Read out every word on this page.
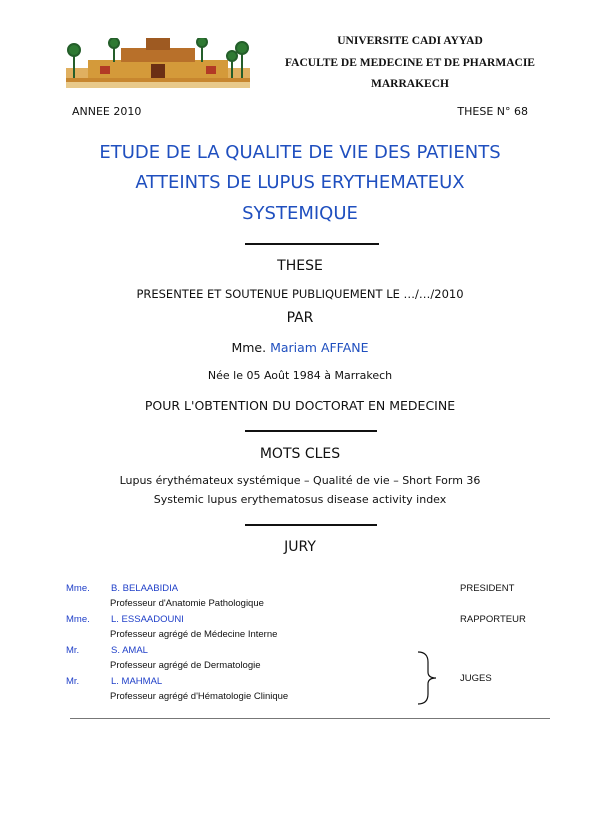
UNIVERSITE CADI AYYAD
FACULTE DE MEDECINE ET DE PHARMACIE
MARRAKECH
ANNEE 2010	THESE N° 68
ETUDE DE LA QUALITE DE VIE DES PATIENTS
ATTEINTS DE LUPUS ERYTHEMATEUX
SYSTEMIQUE
THESE
PRESENTEE ET SOUTENUE PUBLIQUEMENT LE …/…/2010
PAR
Mme. Mariam AFFANE
Née le 05 Août 1984 à Marrakech
POUR L'OBTENTION DU DOCTORAT EN MEDECINE
MOTS CLES
Lupus érythémateux systémique – Qualité de vie – Short Form 36
Systemic lupus erythematosus disease activity index
JURY
Mme. B. BELAABIDIA	PRESIDENT
Professeur d'Anatomie Pathologique
Mme. L. ESSAADOUNI	RAPPORTEUR
Professeur agrégé de Médecine Interne
Mr.	S. AMAL
Professeur agrégé de Dermatologie
Mr.	L. MAHMAL
Professeur agrégé d'Hématologie Clinique
JUGES
